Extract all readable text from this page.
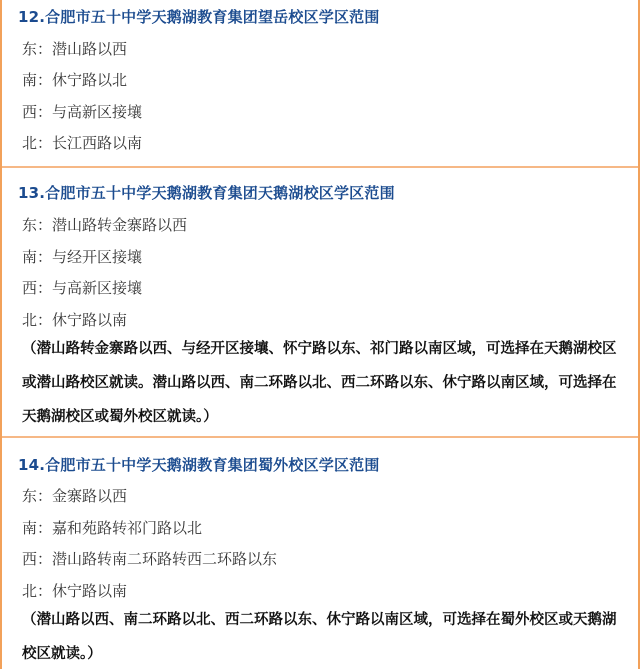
12.合肥市五十中学天鹅湖教育集团望岳校区学区范围
东：潜山路以西
南：休宁路以北
西：与高新区接壤
北：长江西路以南
13.合肥市五十中学天鹅湖教育集团天鹅湖校区学区范围
东：潜山路转金寨路以西
南：与经开区接壤
西：与高新区接壤
北：休宁路以南
（潜山路转金寨路以西、与经开区接壤、怀宁路以东、祁门路以南区域，可选择在天鹅湖校区或潜山路校区就读。潜山路以西、南二环路以北、西二环路以东、休宁路以南区域，可选择在天鹅湖校区或蜀外校区就读。）
14.合肥市五十中学天鹅湖教育集团蜀外校区学区范围
东：金寨路以西
南：嘉和苑路转祁门路以北
西：潜山路转南二环路转西二环路以东
北：休宁路以南
（潜山路以西、南二环路以北、西二环路以东、休宁路以南区域，可选择在蜀外校区或天鹅湖校区就读。）
